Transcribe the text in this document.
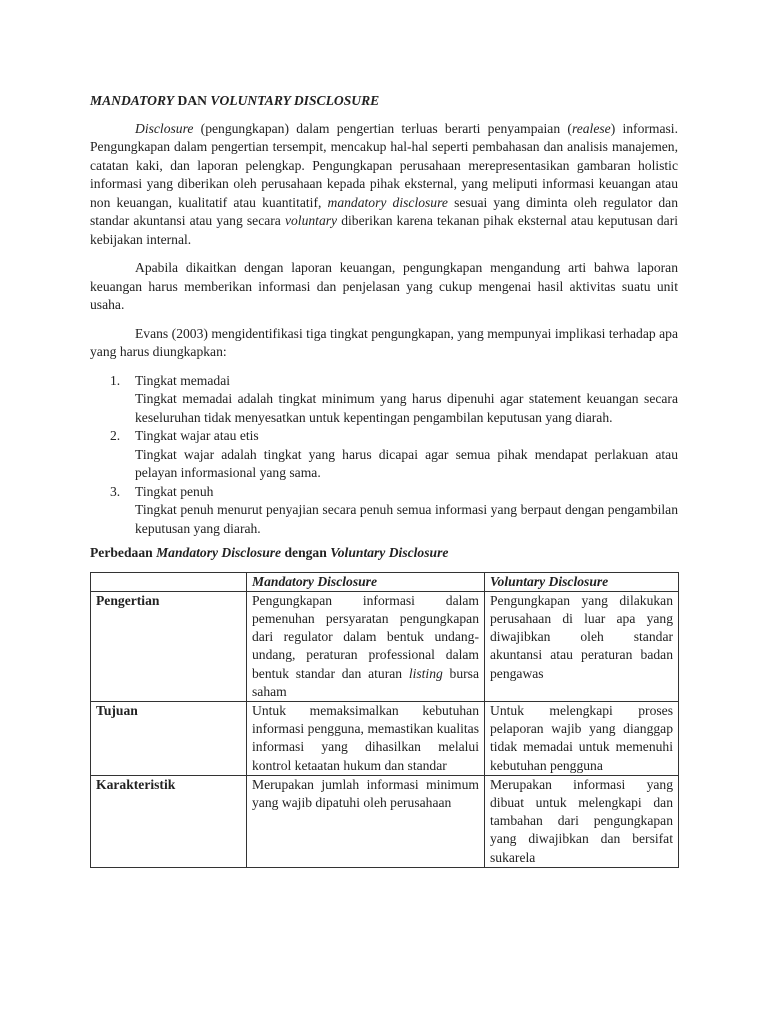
MANDATORY DAN VOLUNTARY DISCLOSURE

Disclosure (pengungkapan) dalam pengertian terluas berarti penyampaian (realese) informasi. Pengungkapan dalam pengertian tersempit, mencakup hal-hal seperti pembahasan dan analisis manajemen, catatan kaki, dan laporan pelengkap. Pengungkapan perusahaan merepresentasikan gambaran holistic informasi yang diberikan oleh perusahaan kepada pihak eksternal, yang meliputi informasi keuangan atau non keuangan, kualitatif atau kuantitatif, mandatory disclosure sesuai yang diminta oleh regulator dan standar akuntansi atau yang secara voluntary diberikan karena tekanan pihak eksternal atau keputusan dari kebijakan internal.

Apabila dikaitkan dengan laporan keuangan, pengungkapan mengandung arti bahwa laporan keuangan harus memberikan informasi dan penjelasan yang cukup mengenai hasil aktivitas suatu unit usaha.

Evans (2003) mengidentifikasi tiga tingkat pengungkapan, yang mempunyai implikasi terhadap apa yang harus diungkapkan:

1.	Tingkat memadai
Tingkat memadai adalah tingkat minimum yang harus dipenuhi agar statement keuangan secara keseluruhan tidak menyesatkan untuk kepentingan pengambilan keputusan yang diarah.
2.	Tingkat wajar atau etis
Tingkat wajar adalah tingkat yang harus dicapai agar semua pihak mendapat perlakuan atau pelayan informasional yang sama.
3.	Tingkat penuh
Tingkat penuh menurut penyajian secara penuh semua informasi yang berpaut dengan pengambilan keputusan yang diarah.
Perbedaan Mandatory Disclosure dengan Voluntary Disclosure
	Mandatory Disclosure	Voluntary Disclosure
Pengertian	Pengungkapan informasi dalam pemenuhan persyaratan pengungkapan dari regulator dalam bentuk undang-undang, peraturan professional dalam bentuk standar dan aturan listing bursa saham	Pengungkapan yang dilakukan perusahaan di luar apa yang diwajibkan oleh standar akuntansi atau peraturan badan pengawas
Tujuan	Untuk memaksimalkan kebutuhan informasi pengguna, memastikan kualitas informasi yang dihasilkan melalui kontrol ketaatan hukum dan standar	Untuk melengkapi proses pelaporan wajib yang dianggap tidak memadai untuk memenuhi kebutuhan pengguna
Karakteristik	Merupakan jumlah informasi minimum yang wajib dipatuhi oleh perusahaan	Merupakan informasi yang dibuat untuk melengkapi dan tambahan dari pengungkapan yang diwajibkan dan bersifat sukarela
